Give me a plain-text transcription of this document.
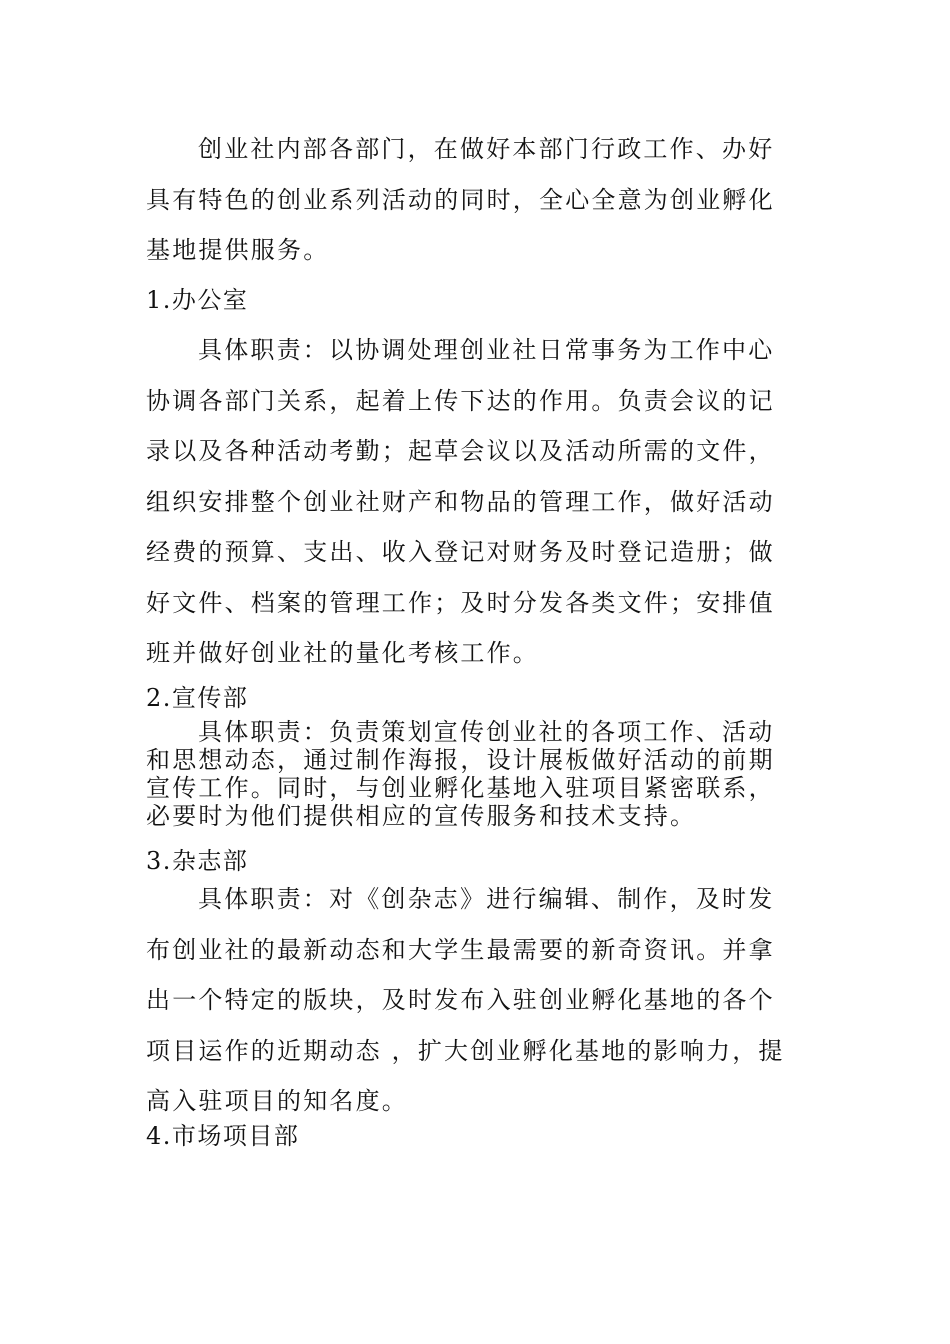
创业社内部各部门，在做好本部门行政工作、办好具有特色的创业系列活动的同时，全心全意为创业孵化基地提供服务。

1.办公室

具体职责：以协调处理创业社日常事务为工作中心协调各部门关系，起着上传下达的作用。负责会议的记录以及各种活动考勤；起草会议以及活动所需的文件，组织安排整个创业社财产和物品的管理工作，做好活动经费的预算、支出、收入登记对财务及时登记造册；做好文件、档案的管理工作；及时分发各类文件；安排值班并做好创业社的量化考核工作。

2.宣传部

具体职责：负责策划宣传创业社的各项工作、活动和思想动态，通过制作海报，设计展板做好活动的前期宣传工作。同时，与创业孵化基地入驻项目紧密联系，必要时为他们提供相应的宣传服务和技术支持。

3.杂志部

具体职责：对《创杂志》进行编辑、制作，及时发布创业社的最新动态和大学生最需要的新奇资讯。并拿出一个特定的版块，及时发布入驻创业孵化基地的各个项目运作的近期动态 ，扩大创业孵化基地的影响力，提高入驻项目的知名度。

4.市场项目部
